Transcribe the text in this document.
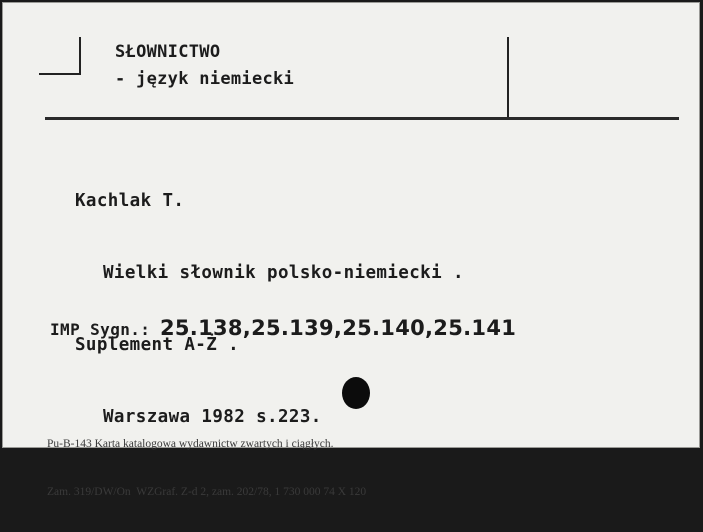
SŁOWNICTWO
- język niemiecki

Kachlak T.

Wielki słownik polsko-niemiecki .

Suplement A-Ż .

Warszawa 1982 s.223.

IMP Sygn.: 25.138,25.139,25.140,25.141

Pu-B-143 Karta katalogowa wydawnictw zwartych i ciągłych.

Zam. 319/DW/On  WZGraf. Z-d 2, zam. 202/78, 1 730 000 74 X 120
